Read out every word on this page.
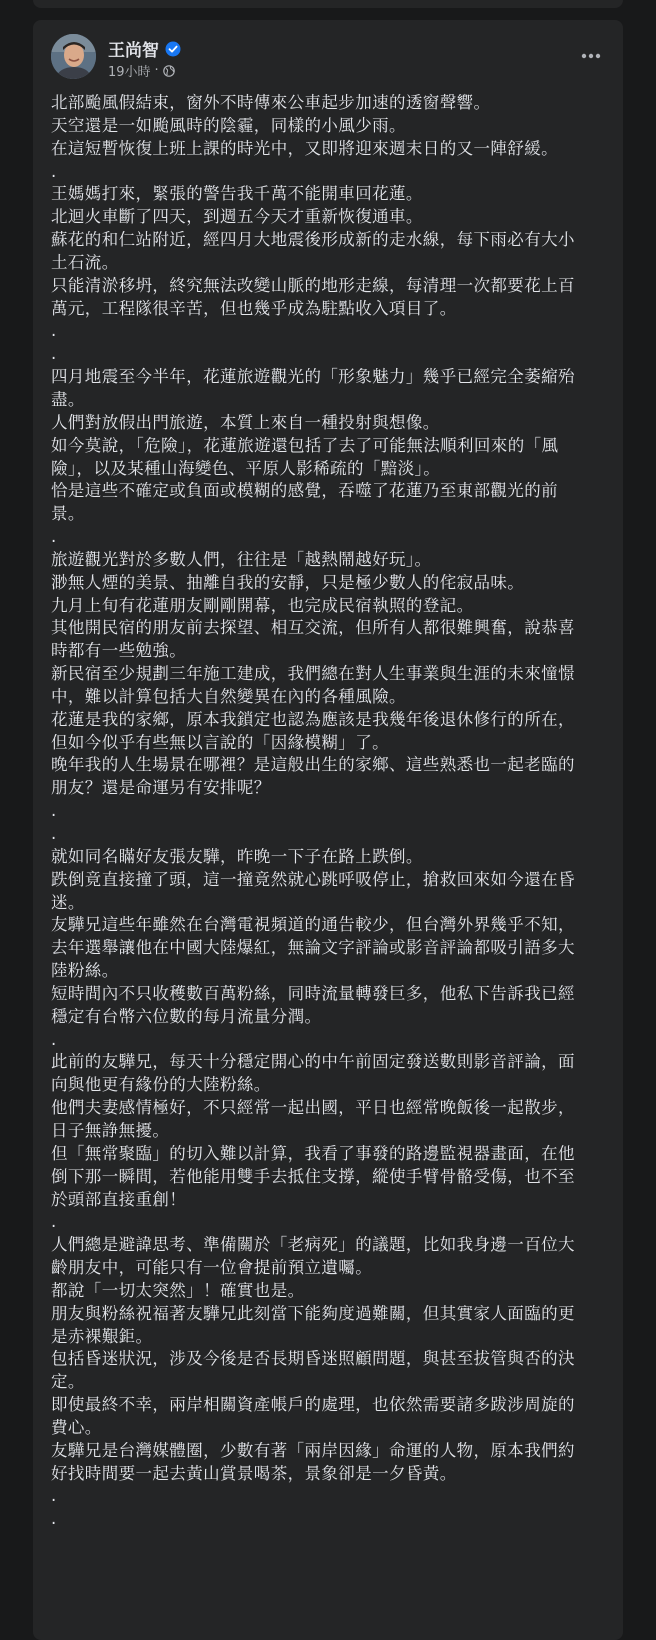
王尚智
19小時 ·
北部颱風假結束，窗外不時傳來公車起步加速的透窗聲響。
天空還是一如颱風時的陰霾，同樣的小風少雨。
在這短暫恢復上班上課的時光中，又即將迎來週末日的又一陣舒緩。
.
王媽媽打來，緊張的警告我千萬不能開車回花蓮。
北迴火車斷了四天，到週五今天才重新恢復通車。
蘇花的和仁站附近，經四月大地震後形成新的走水線，每下雨必有大小
土石流。
只能清淤移坍，終究無法改變山脈的地形走線，每清理一次都要花上百
萬元，工程隊很辛苦，但也幾乎成為駐點收入項目了。
.
.
四月地震至今半年，花蓮旅遊觀光的「形象魅力」幾乎已經完全萎縮殆
盡。
人們對放假出門旅遊，本質上來自一種投射與想像。
如今莫說，「危險」，花蓮旅遊還包括了去了可能無法順利回來的「風
險」，以及某種山海變色、平原人影稀疏的「黯淡」。
恰是這些不確定或負面或模糊的感覺，吞噬了花蓮乃至東部觀光的前
景。
.
旅遊觀光對於多數人們，往往是「越熱鬧越好玩」。
渺無人煙的美景、抽離自我的安靜，只是極少數人的侘寂品味。
九月上旬有花蓮朋友剛剛開幕，也完成民宿執照的登記。
其他開民宿的朋友前去探望、相互交流，但所有人都很難興奮，說恭喜
時都有一些勉強。
新民宿至少規劃三年施工建成，我們總在對人生事業與生涯的未來憧憬
中，難以計算包括大自然變異在內的各種風險。
花蓮是我的家鄉，原本我鎖定也認為應該是我幾年後退休修行的所在，
但如今似乎有些無以言說的「因緣模糊」了。
晚年我的人生場景在哪裡？是這般出生的家鄉、這些熟悉也一起老臨的
朋友？還是命運另有安排呢？
.
.
就如同名瞞好友張友驊，昨晚一下子在路上跌倒。
跌倒竟直接撞了頭，這一撞竟然就心跳呼吸停止，搶救回來如今還在昏
迷。
友驊兄這些年雖然在台灣電視頻道的通告較少，但台灣外界幾乎不知，
去年選舉讓他在中國大陸爆紅，無論文字評論或影音評論都吸引語多大
陸粉絲。
短時間內不只收穫數百萬粉絲，同時流量轉發巨多，他私下告訴我已經
穩定有台幣六位數的每月流量分潤。
.
此前的友驊兄，每天十分穩定開心的中午前固定發送數則影音評論，面
向與他更有緣份的大陸粉絲。
他們夫妻感情極好，不只經常一起出國，平日也經常晚飯後一起散步，
日子無諍無擾。
但「無常聚臨」的切入難以計算，我看了事發的路邊監視器畫面，在他
倒下那一瞬間，若他能用雙手去抵住支撐，縱使手臂骨骼受傷，也不至
於頭部直接重創！
.
人們總是避諱思考、準備關於「老病死」的議題，比如我身邊一百位大
齡朋友中，可能只有一位會提前預立遺囑。
都說「一切太突然」！確實也是。
朋友與粉絲祝福著友驊兄此刻當下能夠度過難關，但其實家人面臨的更
是赤裸艱鉅。
包括昏迷狀況，涉及今後是否長期昏迷照顧問題，與甚至拔管與否的決
定。
即使最終不幸，兩岸相關資產帳戶的處理，也依然需要諸多跋涉周旋的
費心。
友驊兄是台灣媒體圈，少數有著「兩岸因緣」命運的人物，原本我們約
好找時間要一起去黃山賞景喝茶，景象卻是一夕昏黃。
.
.
